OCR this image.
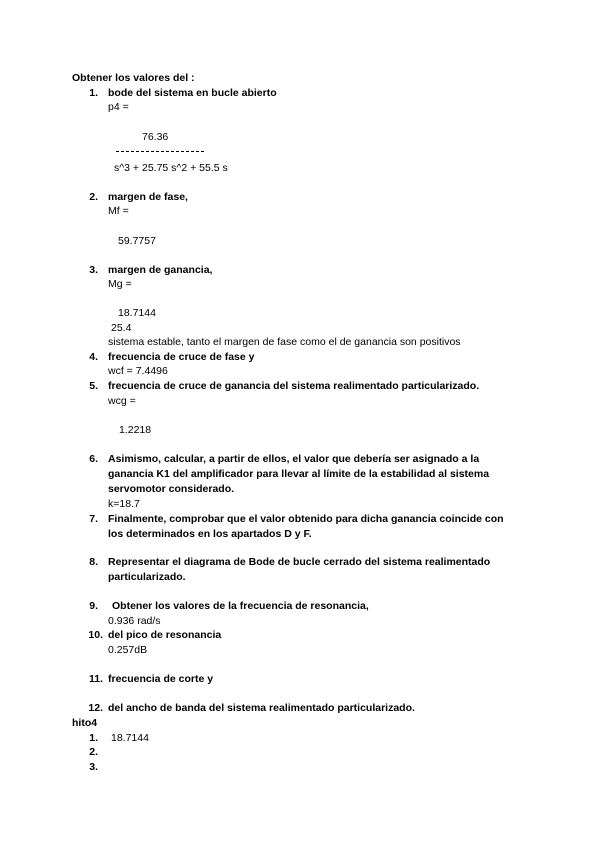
Obtener los valores del :
1. bode del sistema en bucle abierto
p4 =
76.36
s^3 + 25.75 s^2 + 55.5 s
2. margen de fase,
Mf =
59.7757
3. margen de ganancia,
Mg =
18.7144
25.4
sistema estable, tanto el margen de fase como el de ganancia son positivos
4. frecuencia de cruce de fase y
wcf = 7.4496
5. frecuencia de cruce de ganancia del sistema realimentado particularizado.
wcg =
1.2218
6. Asimismo, calcular, a partir de ellos, el valor que debería ser asignado a la
ganancia K1 del amplificador para llevar al límite de la estabilidad al sistema
servomotor considerado.
k=18.7
7. Finalmente, comprobar que el valor obtenido para dicha ganancia coincide con
los determinados en los apartados D y F.
8. Representar el diagrama de Bode de bucle cerrado del sistema realimentado
particularizado.
9. Obtener los valores de la frecuencia de resonancia,
0.936 rad/s
10. del pico de resonancia
0.257dB
11. frecuencia de corte y
12. del ancho de banda del sistema realimentado particularizado.
hito4
1. 18.7144
2.
3.
